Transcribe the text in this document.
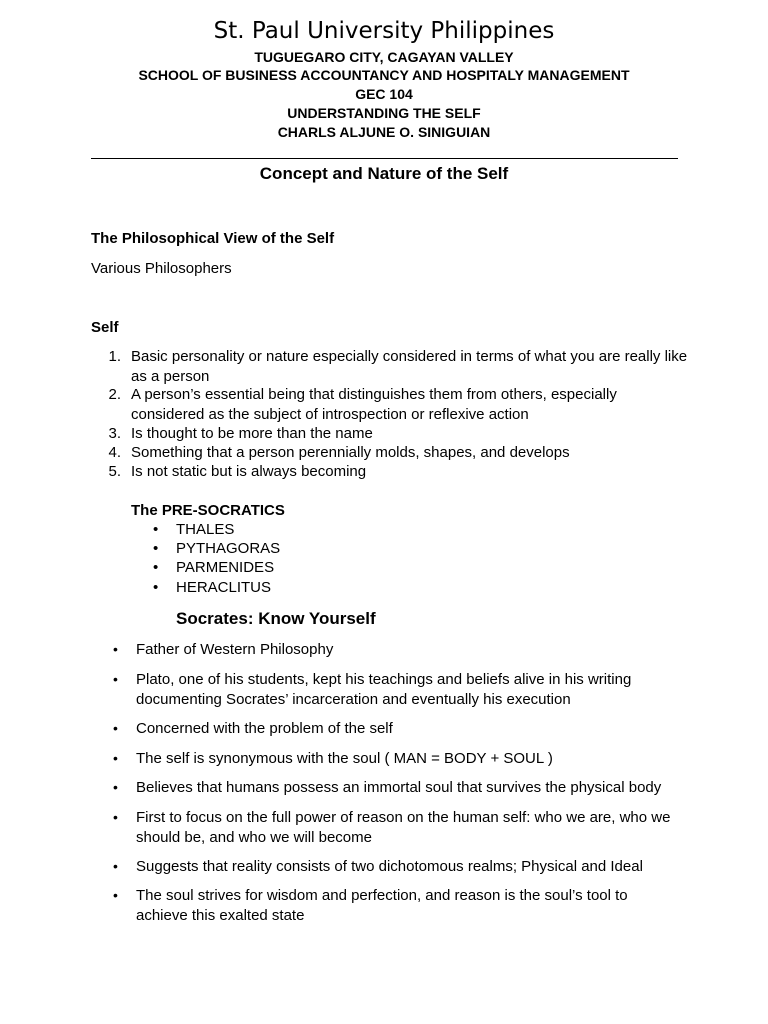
St. Paul University Philippines
TUGUEGARO CITY, CAGAYAN VALLEY
SCHOOL OF BUSINESS ACCOUNTANCY AND HOSPITALY MANAGEMENT
GEC 104
UNDERSTANDING THE SELF
CHARLS ALJUNE O. SINIGUIAN
Concept and Nature of the Self
The Philosophical View of the Self
Various Philosophers
Self
1. Basic personality or nature especially considered in terms of what you are really like as a person
2. A person’s essential being that distinguishes them from others, especially considered as the subject of introspection or reflexive action
3. Is thought to be more than the name
4. Something that a person perennially molds, shapes, and develops
5. Is not static but is always becoming
The PRE-SOCRATICS
• THALES
• PYTHAGORAS
• PARMENIDES
• HERACLITUS
Socrates: Know Yourself
• Father of Western Philosophy
• Plato, one of his students, kept his teachings and beliefs alive in his writing documenting Socrates’ incarceration and eventually his execution
• Concerned with the problem of the self
• The self is synonymous with the soul ( MAN = BODY + SOUL )
• Believes that humans possess an immortal soul that survives the physical body
• First to focus on the full power of reason on the human self: who we are, who we should be, and who we will become
• Suggests that reality consists of two dichotomous realms; Physical and Ideal
• The soul strives for wisdom and perfection, and reason is the soul’s tool to achieve this exalted state
